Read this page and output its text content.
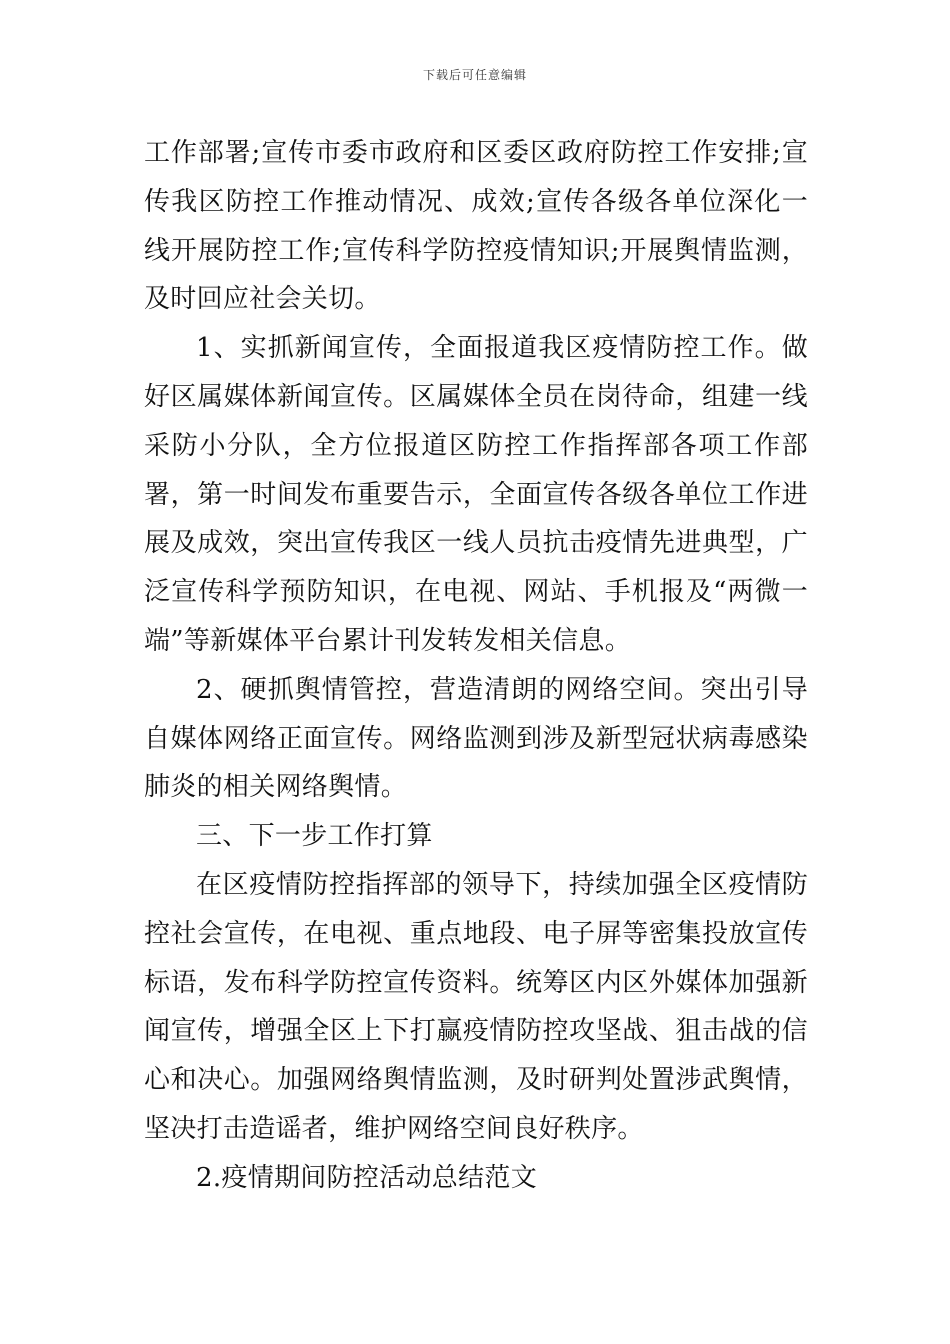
下载后可任意编辑

工作部署;宣传市委市政府和区委区政府防控工作安排;宣传我区防控工作推动情况、成效;宣传各级各单位深化一线开展防控工作;宣传科学防控疫情知识;开展舆情监测，及时回应社会关切。

1、实抓新闻宣传，全面报道我区疫情防控工作。做好区属媒体新闻宣传。区属媒体全员在岗待命，组建一线采防小分队，全方位报道区防控工作指挥部各项工作部署，第一时间发布重要告示，全面宣传各级各单位工作进展及成效，突出宣传我区一线人员抗击疫情先进典型，广泛宣传科学预防知识，在电视、网站、手机报及“两微一端”等新媒体平台累计刊发转发相关信息。

2、硬抓舆情管控，营造清朗的网络空间。突出引导自媒体网络正面宣传。网络监测到涉及新型冠状病毒感染肺炎的相关网络舆情。

三、下一步工作打算

在区疫情防控指挥部的领导下，持续加强全区疫情防控社会宣传，在电视、重点地段、电子屏等密集投放宣传标语，发布科学防控宣传资料。统筹区内区外媒体加强新闻宣传，增强全区上下打赢疫情防控攻坚战、狙击战的信心和决心。加强网络舆情监测，及时研判处置涉武舆情，坚决打击造谣者，维护网络空间良好秩序。

2.疫情期间防控活动总结范文
